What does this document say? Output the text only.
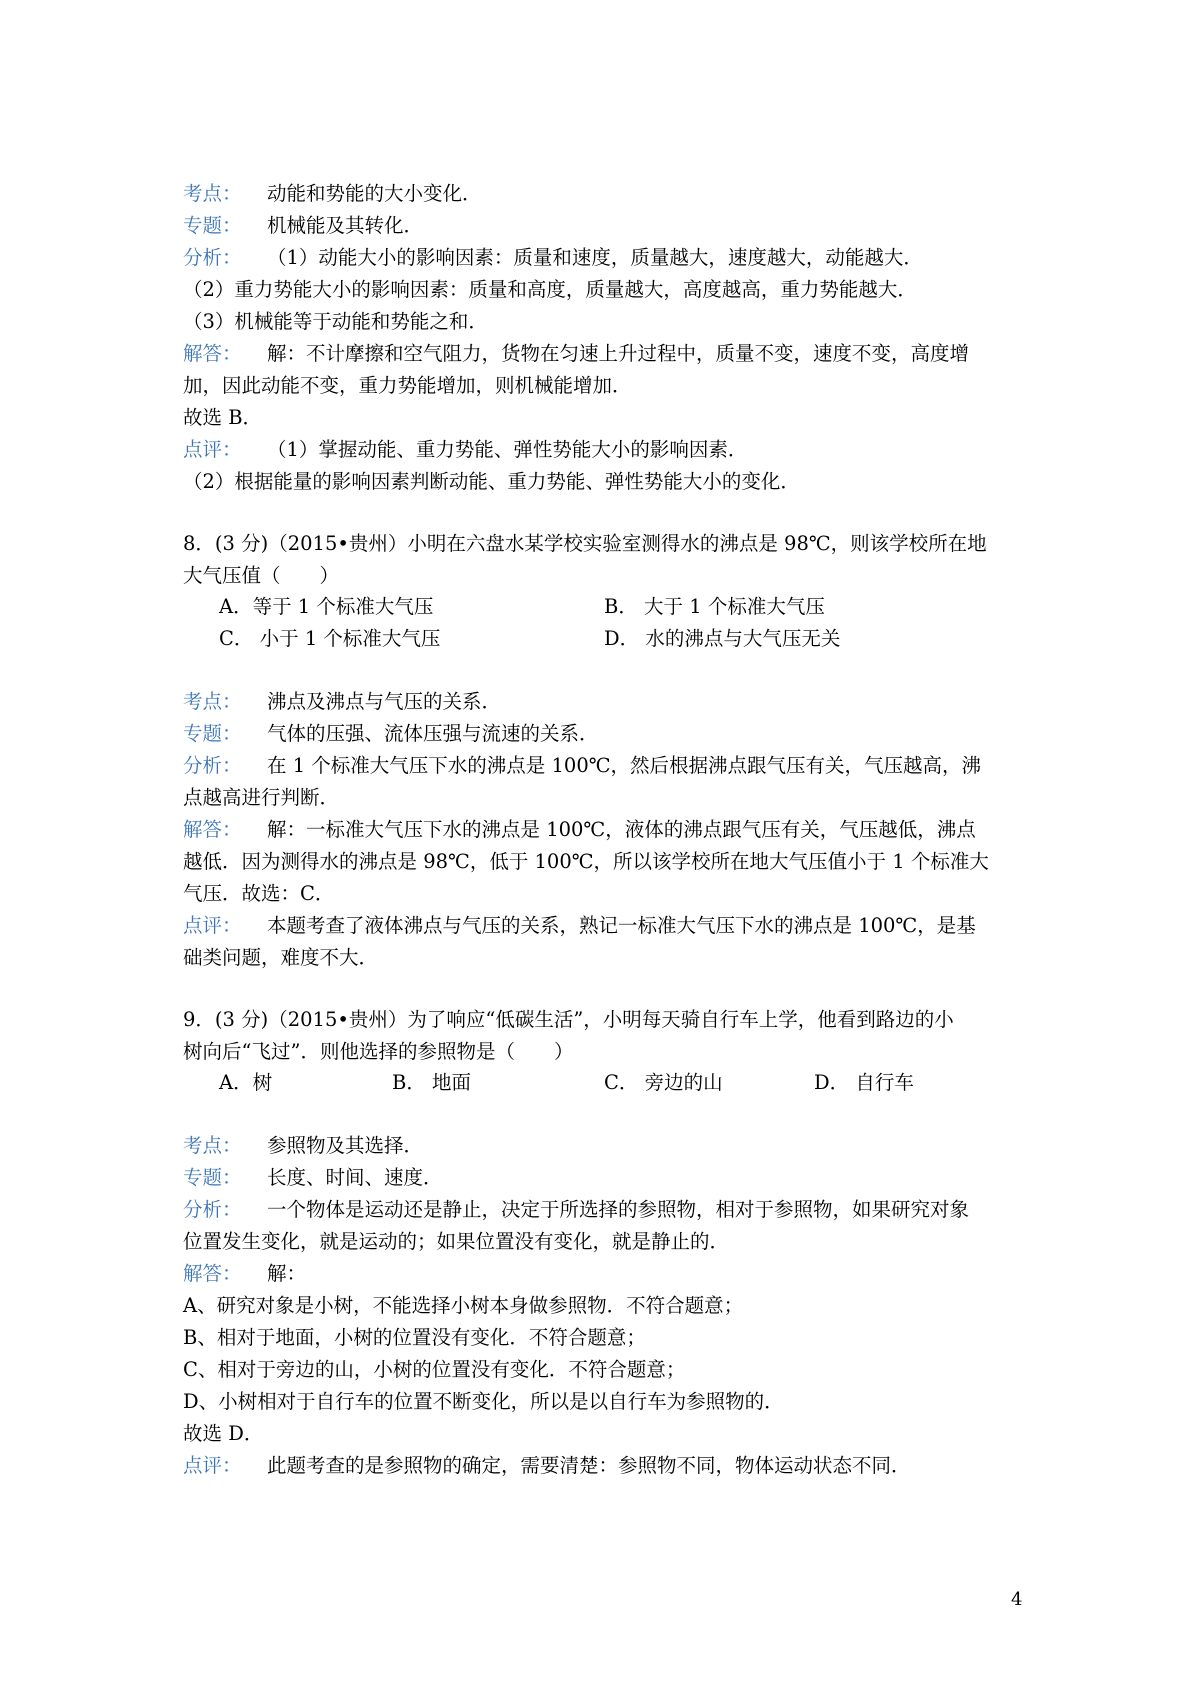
考点： 动能和势能的大小变化．
专题： 机械能及其转化．
分析： （1）动能大小的影响因素：质量和速度，质量越大，速度越大，动能越大．
（2）重力势能大小的影响因素：质量和高度，质量越大，高度越高，重力势能越大．
（3）机械能等于动能和势能之和．
解答： 解：不计摩擦和空气阻力，货物在匀速上升过程中，质量不变，速度不变，高度增
加，因此动能不变，重力势能增加，则机械能增加．
故选 B．
点评： （1）掌握动能、重力势能、弹性势能大小的影响因素．
（2）根据能量的影响因素判断动能、重力势能、弹性势能大小的变化．
8．(3 分)（2015•贵州）小明在六盘水某学校实验室测得水的沸点是 98℃，则该学校所在地
大气压值（　　）
A．等于 1 个标准大气压	B． 大于 1 个标准大气压
C． 小于 1 个标准大气压	D． 水的沸点与大气压无关
考点： 沸点及沸点与气压的关系．
专题： 气体的压强、流体压强与流速的关系．
分析： 在 1 个标准大气压下水的沸点是 100℃，然后根据沸点跟气压有关，气压越高，沸
点越高进行判断．
解答： 解：一标准大气压下水的沸点是 100℃，液体的沸点跟气压有关，气压越低，沸点
越低．因为测得水的沸点是 98℃，低于 100℃，所以该学校所在地大气压值小于 1 个标准大
气压．故选：C．
点评： 本题考查了液体沸点与气压的关系，熟记一标准大气压下水的沸点是 100℃，是基
础类问题，难度不大．
9．(3 分)（2015•贵州）为了响应“低碳生活”，小明每天骑自行车上学，他看到路边的小
树向后“飞过”．则他选择的参照物是（　　）
A．树	B． 地面	C． 旁边的山	D． 自行车
考点： 参照物及其选择．
专题： 长度、时间、速度．
分析： 一个物体是运动还是静止，决定于所选择的参照物，相对于参照物，如果研究对象
位置发生变化，就是运动的；如果位置没有变化，就是静止的．
解答： 解：
A、研究对象是小树，不能选择小树本身做参照物．不符合题意；
B、相对于地面，小树的位置没有变化．不符合题意；
C、相对于旁边的山，小树的位置没有变化．不符合题意；
D、小树相对于自行车的位置不断变化，所以是以自行车为参照物的．
故选 D．
点评： 此题考查的是参照物的确定，需要清楚：参照物不同，物体运动状态不同．
4
